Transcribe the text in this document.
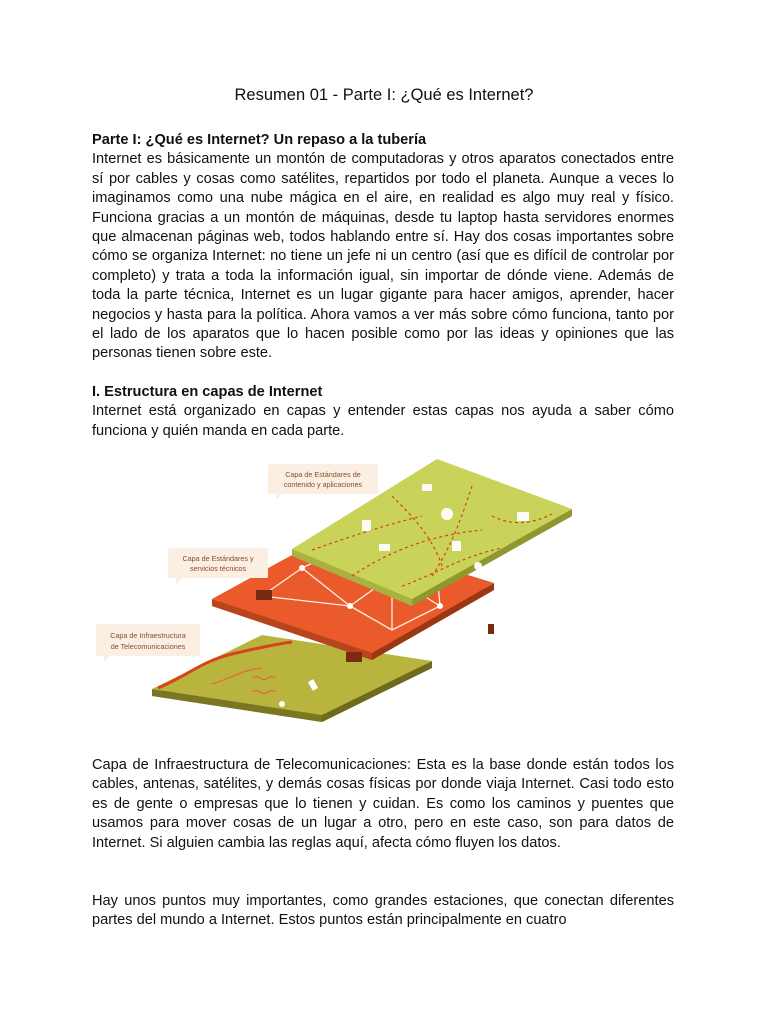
Resumen 01 - Parte I: ¿Qué es Internet?
Parte I: ¿Qué es Internet? Un repaso a la tubería
Internet es básicamente un montón de computadoras y otros aparatos conectados entre sí por cables y cosas como satélites, repartidos por todo el planeta. Aunque a veces lo imaginamos como una nube mágica en el aire, en realidad es algo muy real y físico. Funciona gracias a un montón de máquinas, desde tu laptop hasta servidores enormes que almacenan páginas web, todos hablando entre sí. Hay dos cosas importantes sobre cómo se organiza Internet: no tiene un jefe ni un centro (así que es difícil de controlar por completo) y trata a toda la información igual, sin importar de dónde viene. Además de toda la parte técnica, Internet es un lugar gigante para hacer amigos, aprender, hacer negocios y hasta para la política. Ahora vamos a ver más sobre cómo funciona, tanto por el lado de los aparatos que lo hacen posible como por las ideas y opiniones que las personas tienen sobre este.
I. Estructura en capas de Internet
Internet está organizado en capas y entender estas capas nos ayuda a saber cómo funciona y quién manda en cada parte.
Capa de Estándares de
contenido y aplicaciones
Capa de Estándares y
servicios técnicos
Capa de Infraestructura
de Telecomunicaciones

Capa de Infraestructura de Telecomunicaciones: Esta es la base donde están todos los cables, antenas, satélites, y demás cosas físicas por donde viaja Internet. Casi todo esto es de gente o empresas que lo tienen y cuidan. Es como los caminos y puentes que usamos para mover cosas de un lugar a otro, pero en este caso, son para datos de Internet. Si alguien cambia las reglas aquí, afecta cómo fluyen los datos.

Hay unos puntos muy importantes, como grandes estaciones, que conectan diferentes partes del mundo a Internet. Estos puntos están principalmente en cuatro
